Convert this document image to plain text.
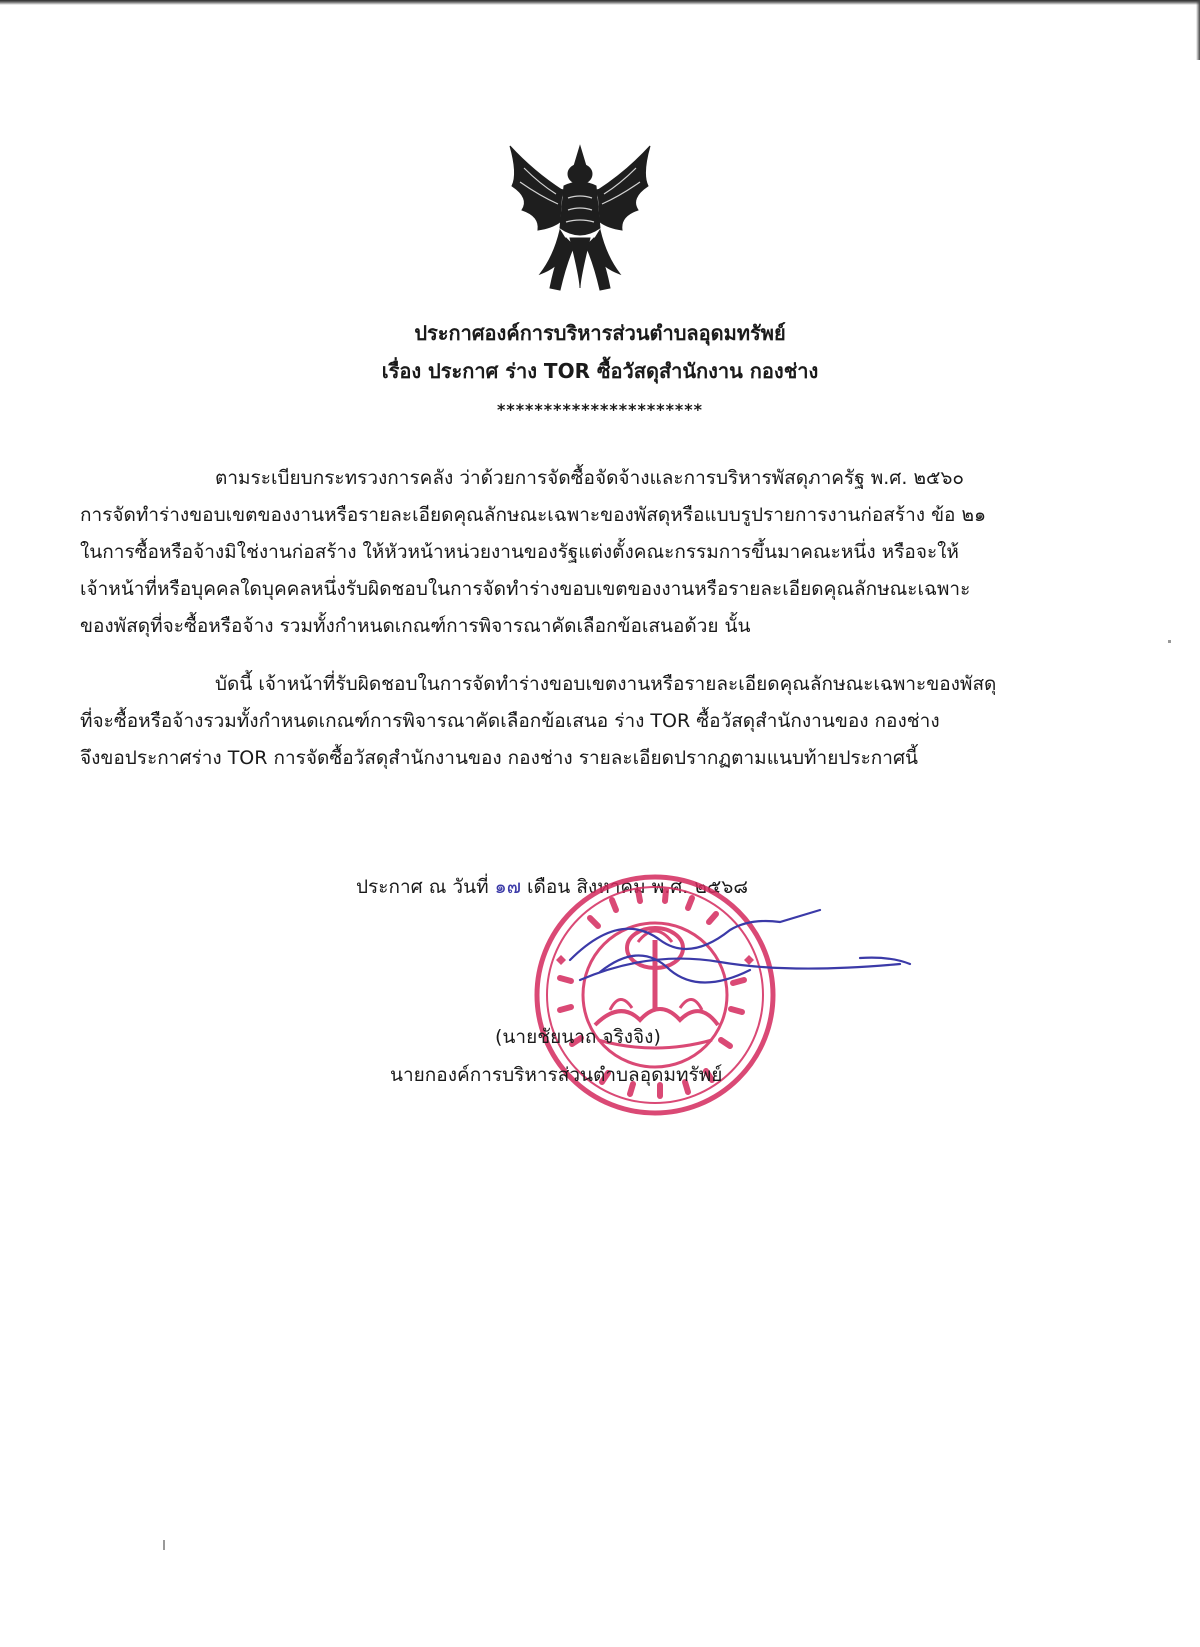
ประกาศองค์การบริหารส่วนตำบลอุดมทรัพย์
เรื่อง ประกาศ ร่าง TOR ซื้อวัสดุสำนักงาน กองช่าง
**********************
ตามระเบียบกระทรวงการคลัง ว่าด้วยการจัดซื้อจัดจ้างและการบริหารพัสดุภาครัฐ พ.ศ. ๒๕๖๐
การจัดทำร่างขอบเขตของงานหรือรายละเอียดคุณลักษณะเฉพาะของพัสดุหรือแบบรูปรายการงานก่อสร้าง ข้อ ๒๑
ในการซื้อหรือจ้างมิใช่งานก่อสร้าง ให้หัวหน้าหน่วยงานของรัฐแต่งตั้งคณะกรรมการขึ้นมาคณะหนึ่ง หรือจะให้
เจ้าหน้าที่หรือบุคคลใดบุคคลหนึ่งรับผิดชอบในการจัดทำร่างขอบเขตของงานหรือรายละเอียดคุณลักษณะเฉพาะ
ของพัสดุที่จะซื้อหรือจ้าง รวมทั้งกำหนดเกณฑ์การพิจารณาคัดเลือกข้อเสนอด้วย นั้น
บัดนี้ เจ้าหน้าที่รับผิดชอบในการจัดทำร่างขอบเขตงานหรือรายละเอียดคุณลักษณะเฉพาะของพัสดุ
ที่จะซื้อหรือจ้างรวมทั้งกำหนดเกณฑ์การพิจารณาคัดเลือกข้อเสนอ ร่าง TOR ซื้อวัสดุสำนักงานของ กองช่าง
จึงขอประกาศร่าง TOR การจัดซื้อวัสดุสำนักงานของ กองช่าง รายละเอียดปรากฏตามแนบท้ายประกาศนี้
ประกาศ ณ วันที่ ๑๗ เดือน สิงหาคม พ.ศ. ๒๕๖๘
(นายชัยนาถ จริงจิง)
นายกองค์การบริหารส่วนตำบลอุดมทรัพย์
